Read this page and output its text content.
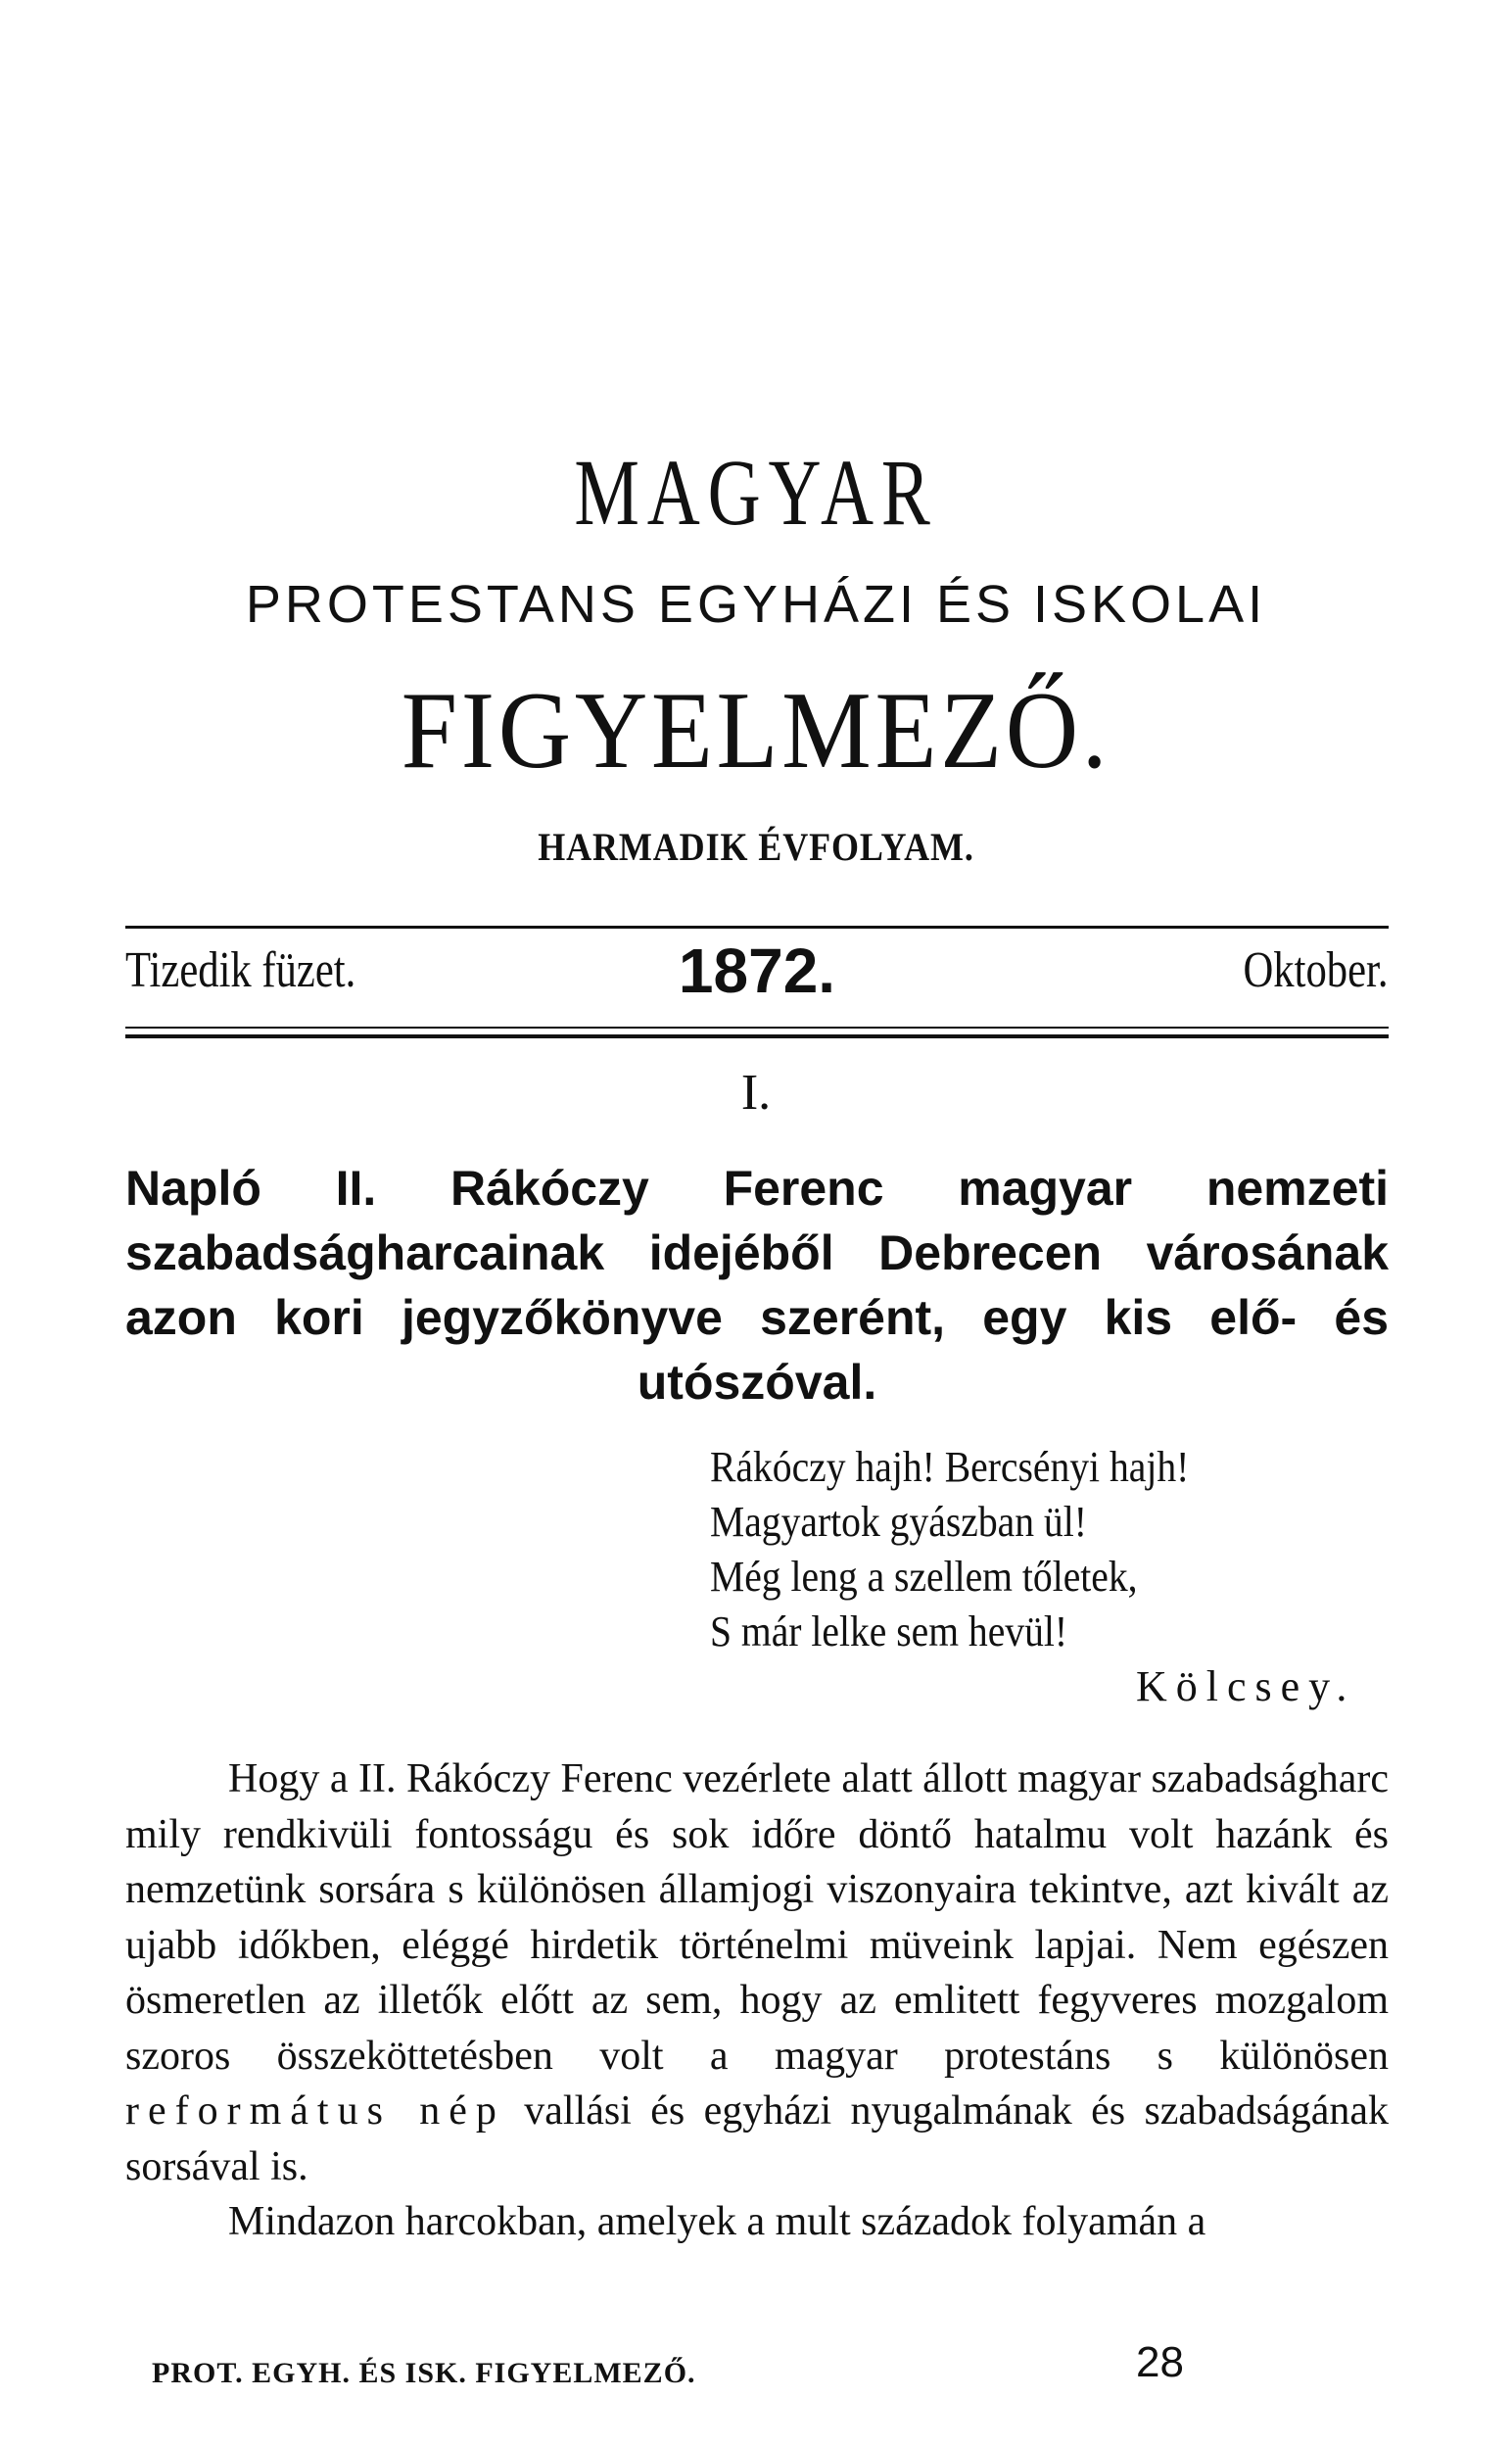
MAGYAR
PROTESTANS EGYHÁZI ÉS ISKOLAI
FIGYELMEZŐ.
HARMADIK ÉVFOLYAM.
Tizedik füzet.	1872.	Oktober.
I.
Napló II. Rákóczy Ferenc magyar nemzeti szabadságharcainak idejéből Debrecen városának azon kori jegyzőkönyve szerént, egy kis elő- és utószóval.
Rákóczy hajh! Bercsényi hajh!
Magyartok gyászban ül!
Még leng a szellem tőletek,
S már lelke sem hevül!
Kölcsey.

Hogy a II. Rákóczy Ferenc vezérlete alatt állott magyar szabadságharc mily rendkivüli fontosságu és sok időre döntő hatalmu volt hazánk és nemzetünk sorsára s különösen államjogi viszonyaira tekintve, azt kivált az ujabb időkben, eléggé hirdetik történelmi müveink lapjai. Nem egészen ösmeretlen az illetők előtt az sem, hogy az emlitett fegyveres mozgalom szoros összeköttetésben volt a magyar protestáns s különösen református nép vallási és egyházi nyugalmának és szabadságának sorsával is.

Mindazon harcokban, amelyek a mult századok folyamán a

PROT. EGYH. ÉS ISK. FIGYELMEZŐ.	28
